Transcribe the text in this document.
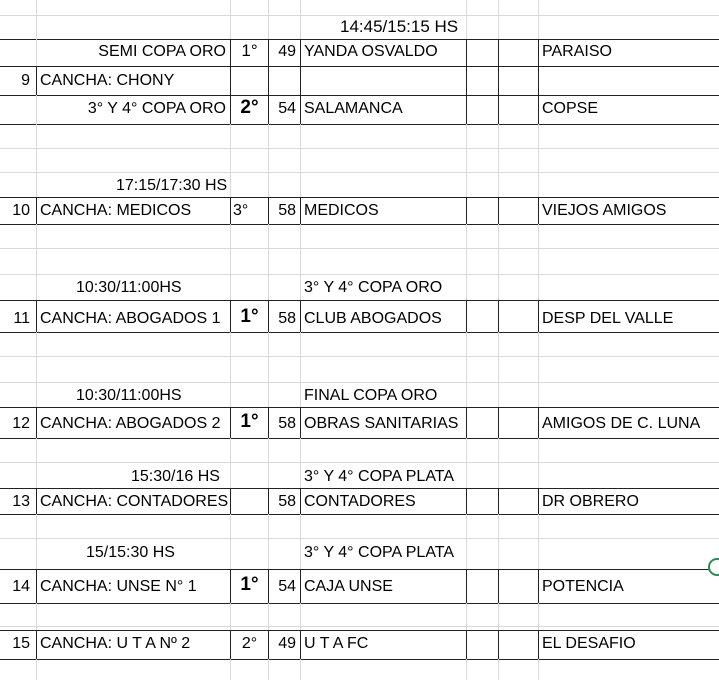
14:45/15:15 HS
SEMI COPA ORO 1°	49 YANDA OSVALDO	PARAISO
9 CANCHA: CHONY
3° Y 4° COPA ORO 2°	54 SALAMANCA	COPSE
17:15/17:30 HS
10 CANCHA: MEDICOS	3°	58 MEDICOS	VIEJOS AMIGOS
10:30/11:00HS	3° Y 4° COPA ORO
11 CANCHA: ABOGADOS 1	1°	58 CLUB ABOGADOS	DESP DEL VALLE
10:30/11:00HS	FINAL COPA ORO
12 CANCHA: ABOGADOS 2	1°	58 OBRAS SANITARIAS	AMIGOS DE C. LUNA
15:30/16 HS	3° Y 4° COPA PLATA
13 CANCHA: CONTADORES	58 CONTADORES	DR OBRERO
15/15:30 HS	3° Y 4° COPA PLATA
14 CANCHA: UNSE N° 1	1°	54 CAJA UNSE	POTENCIA
15 CANCHA: U T A Nº 2	2°	49 U T A FC	EL DESAFIO
